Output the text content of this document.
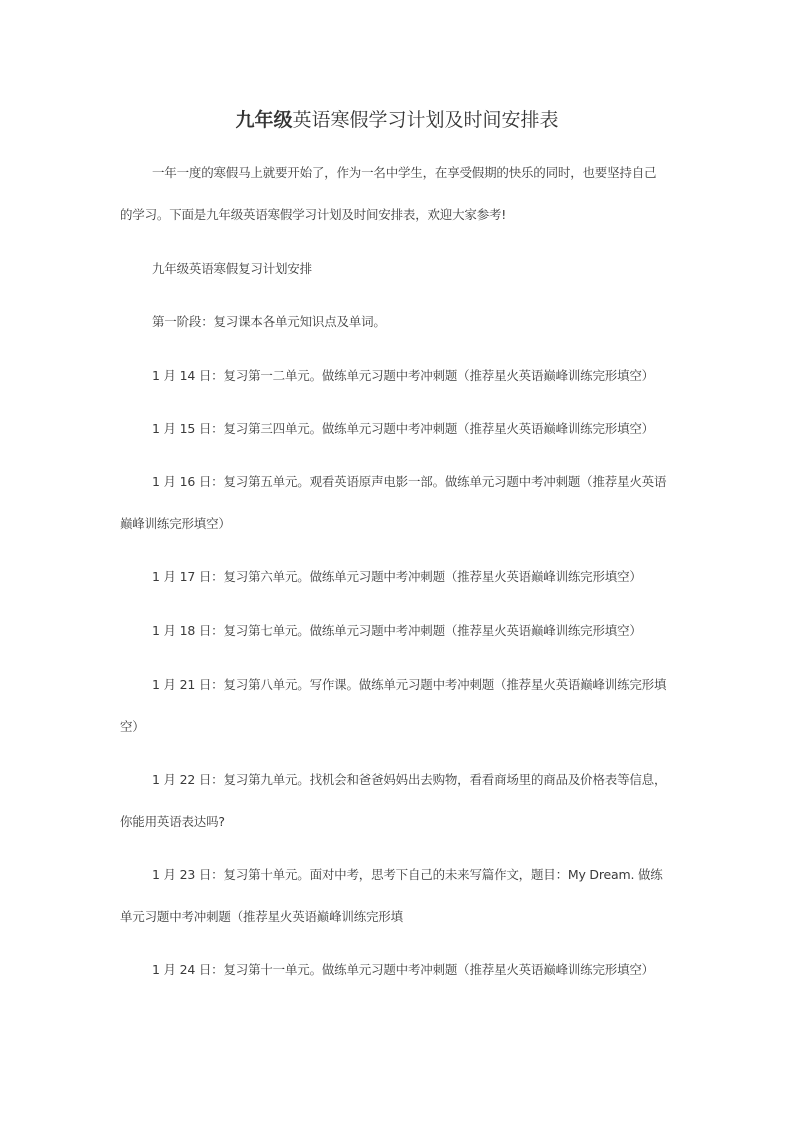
九年级英语寒假学习计划及时间安排表
一年一度的寒假马上就要开始了，作为一名中学生，在享受假期的快乐的同时，也要坚持自己
的学习。下面是九年级英语寒假学习计划及时间安排表，欢迎大家参考!
九年级英语寒假复习计划安排
第一阶段：复习课本各单元知识点及单词。
1 月 14 日：复习第一二单元。做练单元习题中考冲刺题（推荐星火英语巅峰训练完形填空）
1 月 15 日：复习第三四单元。做练单元习题中考冲刺题（推荐星火英语巅峰训练完形填空）
1 月 16 日：复习第五单元。观看英语原声电影一部。做练单元习题中考冲刺题（推荐星火英语
巅峰训练完形填空）
1 月 17 日：复习第六单元。做练单元习题中考冲刺题（推荐星火英语巅峰训练完形填空）
1 月 18 日：复习第七单元。做练单元习题中考冲刺题（推荐星火英语巅峰训练完形填空）
1 月 21 日：复习第八单元。写作课。做练单元习题中考冲刺题（推荐星火英语巅峰训练完形填
空）
1 月 22 日：复习第九单元。找机会和爸爸妈妈出去购物，看看商场里的商品及价格表等信息，
你能用英语表达吗?
1 月 23 日：复习第十单元。面对中考，思考下自己的未来写篇作文，题目：My Dream. 做练
单元习题中考冲刺题（推荐星火英语巅峰训练完形填
1 月 24 日：复习第十一单元。做练单元习题中考冲刺题（推荐星火英语巅峰训练完形填空）
